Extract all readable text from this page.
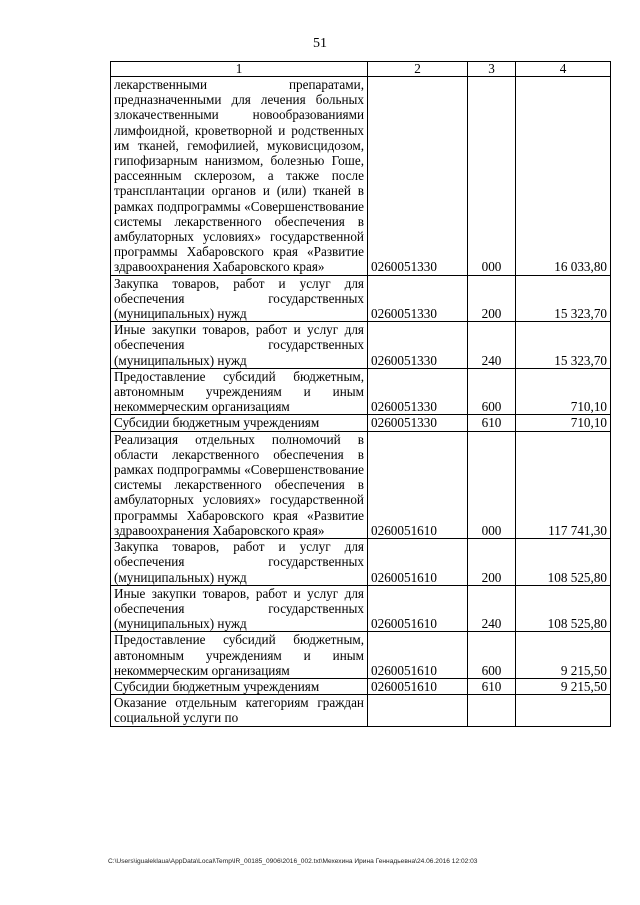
51
1	2	3	4
лекарственными препаратами, предназначенными для лечения больных злокачественными новообразованиями лимфоидной, кроветворной и родственных им тканей, гемофилией, муковисцидозом, гипофизарным нанизмом, болезнью Гоше, рассеянным склерозом, а также после трансплантации органов и (или) тканей в рамках подпрограммы «Совершенствование системы лекарственного обеспечения в амбулаторных условиях» государственной программы Хабаровского края «Развитие здравоохранения Хабаровского края»	0260051330	000	16 033,80
Закупка товаров, работ и услуг для обеспечения государственных (муниципальных) нужд	0260051330	200	15 323,70
Иные закупки товаров, работ и услуг для обеспечения государственных (муниципальных) нужд	0260051330	240	15 323,70
Предоставление субсидий бюджетным, автономным учреждениям и иным некоммерческим организациям	0260051330	600	710,10
Субсидии бюджетным учреждениям	0260051330	610	710,10
Реализация отдельных полномочий в области лекарственного обеспечения в рамках подпрограммы «Совершенствование системы лекарственного обеспечения в амбулаторных условиях» государственной программы Хабаровского края «Развитие здравоохранения Хабаровского края»	0260051610	000	117 741,30
Закупка товаров, работ и услуг для обеспечения государственных (муниципальных) нужд	0260051610	200	108 525,80
Иные закупки товаров, работ и услуг для обеспечения государственных (муниципальных) нужд	0260051610	240	108 525,80
Предоставление субсидий бюджетным, автономным учреждениям и иным некоммерческим организациям	0260051610	600	9 215,50
Субсидии бюджетным учреждениям	0260051610	610	9 215,50
Оказание отдельным категориям граждан социальной услуги по			
C:\Users\igualeklaua\AppData\Local\Temp\IR_00185_0906\2016_002.txt\Мехехина Ирина Геннадьевна\24.06.2016 12:02:03
